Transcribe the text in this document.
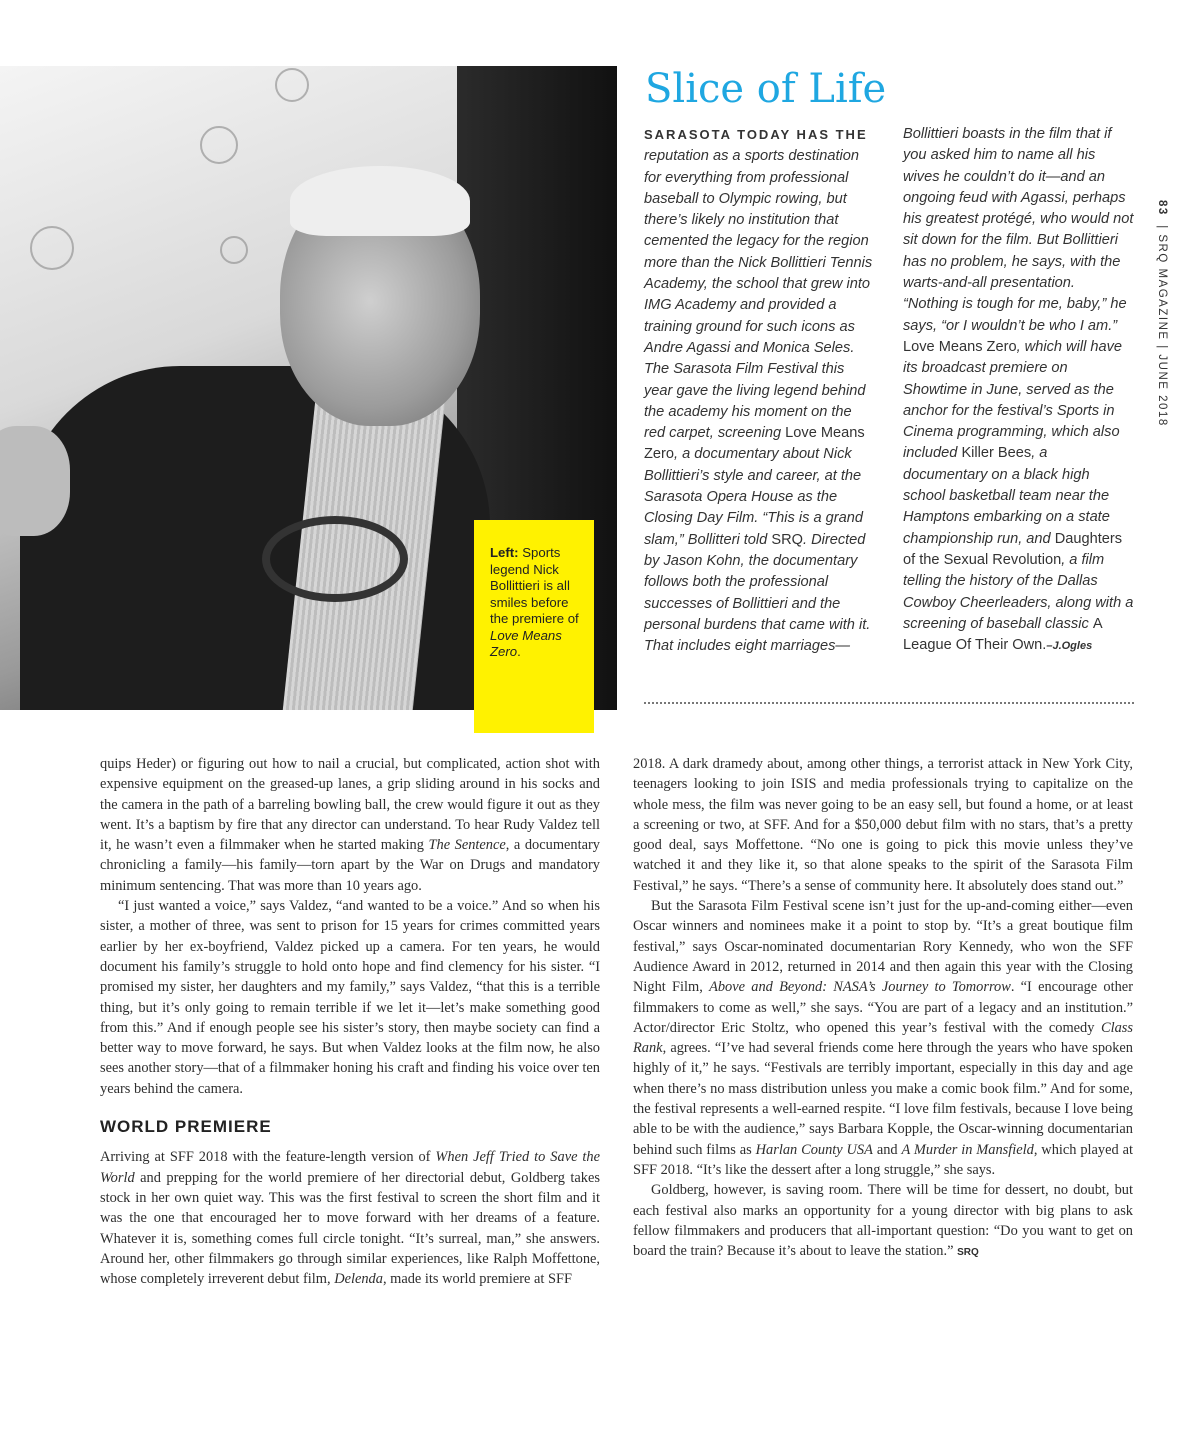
Left: Sports legend Nick Bollittieri is all smiles before the premiere of Love Means Zero.
Slice of Life
SARASOTA TODAY HAS THE reputation as a sports destination for everything from professional baseball to Olympic rowing, but there’s likely no institution that cemented the legacy for the region more than the Nick Bollittieri Tennis Academy, the school that grew into IMG Academy and provided a training ground for such icons as Andre Agassi and Monica Seles. The Sarasota Film Festival this year gave the living legend behind the academy his moment on the red carpet, screening Love Means Zero, a documentary about Nick Bollittieri’s style and career, at the Sarasota Opera House as the Closing Day Film. “This is a grand slam,” Bollitteri told SRQ. Directed by Jason Kohn, the documentary follows both the professional successes of Bollittieri and the personal burdens that came with it. That includes eight marriages—Bollittieri boasts in the film that if you asked him to name all his wives he couldn’t do it—and an ongoing feud with Agassi, perhaps his greatest protégé, who would not sit down for the film. But Bollittieri has no problem, he says, with the warts-and-all presentation. “Nothing is tough for me, baby,” he says, “or I wouldn’t be who I am.” Love Means Zero, which will have its broadcast premiere on Showtime in June, served as the anchor for the festival’s Sports in Cinema programming, which also included Killer Bees, a documentary on a black high school basketball team near the Hamptons embarking on a state championship run, and Daughters of the Sexual Revolution, a film telling the history of the Dallas Cowboy Cheerleaders, along with a screening of baseball classic A League Of Their Own.–J.Ogles
83  | SRQ MAGAZINE | JUNE 2018

quips Heder) or figuring out how to nail a crucial, but complicated, action shot with expensive equipment on the greased-up lanes, a grip sliding around in his socks and the camera in the path of a barreling bowling ball, the crew would figure it out as they went. It’s a baptism by fire that any director can understand. To hear Rudy Valdez tell it, he wasn’t even a filmmaker when he started making The Sentence, a documentary chronicling a family—his family—torn apart by the War on Drugs and mandatory minimum sentencing. That was more than 10 years ago.

“I just wanted a voice,” says Valdez, “and wanted to be a voice.” And so when his sister, a mother of three, was sent to prison for 15 years for crimes committed years earlier by her ex-boyfriend, Valdez picked up a camera. For ten years, he would document his family’s struggle to hold onto hope and find clemency for his sister. “I promised my sister, her daughters and my family,” says Valdez, “that this is a terrible thing, but it’s only going to remain terrible if we let it—let’s make something good from this.” And if enough people see his sister’s story, then maybe society can find a better way to move forward, he says. But when Valdez looks at the film now, he also sees another story—that of a filmmaker honing his craft and finding his voice over ten years behind the camera.

WORLD PREMIERE

Arriving at SFF 2018 with the feature-length version of When Jeff Tried to Save the World and prepping for the world premiere of her directorial debut, Goldberg takes stock in her own quiet way. This was the first festival to screen the short film and it was the one that encouraged her to move forward with her dreams of a feature. Whatever it is, something comes full circle tonight. “It’s surreal, man,” she answers. Around her, other filmmakers go through similar experiences, like Ralph Moffettone, whose completely irreverent debut film, Delenda, made its world premiere at SFF

2018. A dark dramedy about, among other things, a terrorist attack in New York City, teenagers looking to join ISIS and media professionals trying to capitalize on the whole mess, the film was never going to be an easy sell, but found a home, or at least a screening or two, at SFF. And for a $50,000 debut film with no stars, that’s a pretty good deal, says Moffettone. “No one is going to pick this movie unless they’ve watched it and they like it, so that alone speaks to the spirit of the Sarasota Film Festival,” he says. “There’s a sense of community here. It absolutely does stand out.”

But the Sarasota Film Festival scene isn’t just for the up-and-coming either—even Oscar winners and nominees make it a point to stop by. “It’s a great boutique film festival,” says Oscar-nominated documentarian Rory Kennedy, who won the SFF Audience Award in 2012, returned in 2014 and then again this year with the Closing Night Film, Above and Beyond: NASA’s Journey to Tomorrow. “I encourage other filmmakers to come as well,” she says. “You are part of a legacy and an institution.” Actor/director Eric Stoltz, who opened this year’s festival with the comedy Class Rank, agrees. “I’ve had several friends come here through the years who have spoken highly of it,” he says. “Festivals are terribly important, especially in this day and age when there’s no mass distribution unless you make a comic book film.” And for some, the festival represents a well-earned respite. “I love film festivals, because I love being able to be with the audience,” says Barbara Kopple, the Oscar-winning documentarian behind such films as Harlan County USA and A Murder in Mansfield, which played at SFF 2018. “It’s like the dessert after a long struggle,” she says.

Goldberg, however, is saving room. There will be time for dessert, no doubt, but each festival also marks an opportunity for a young director with big plans to ask fellow filmmakers and producers that all-important question: “Do you want to get on board the train? Because it’s about to leave the station.” SRQ
